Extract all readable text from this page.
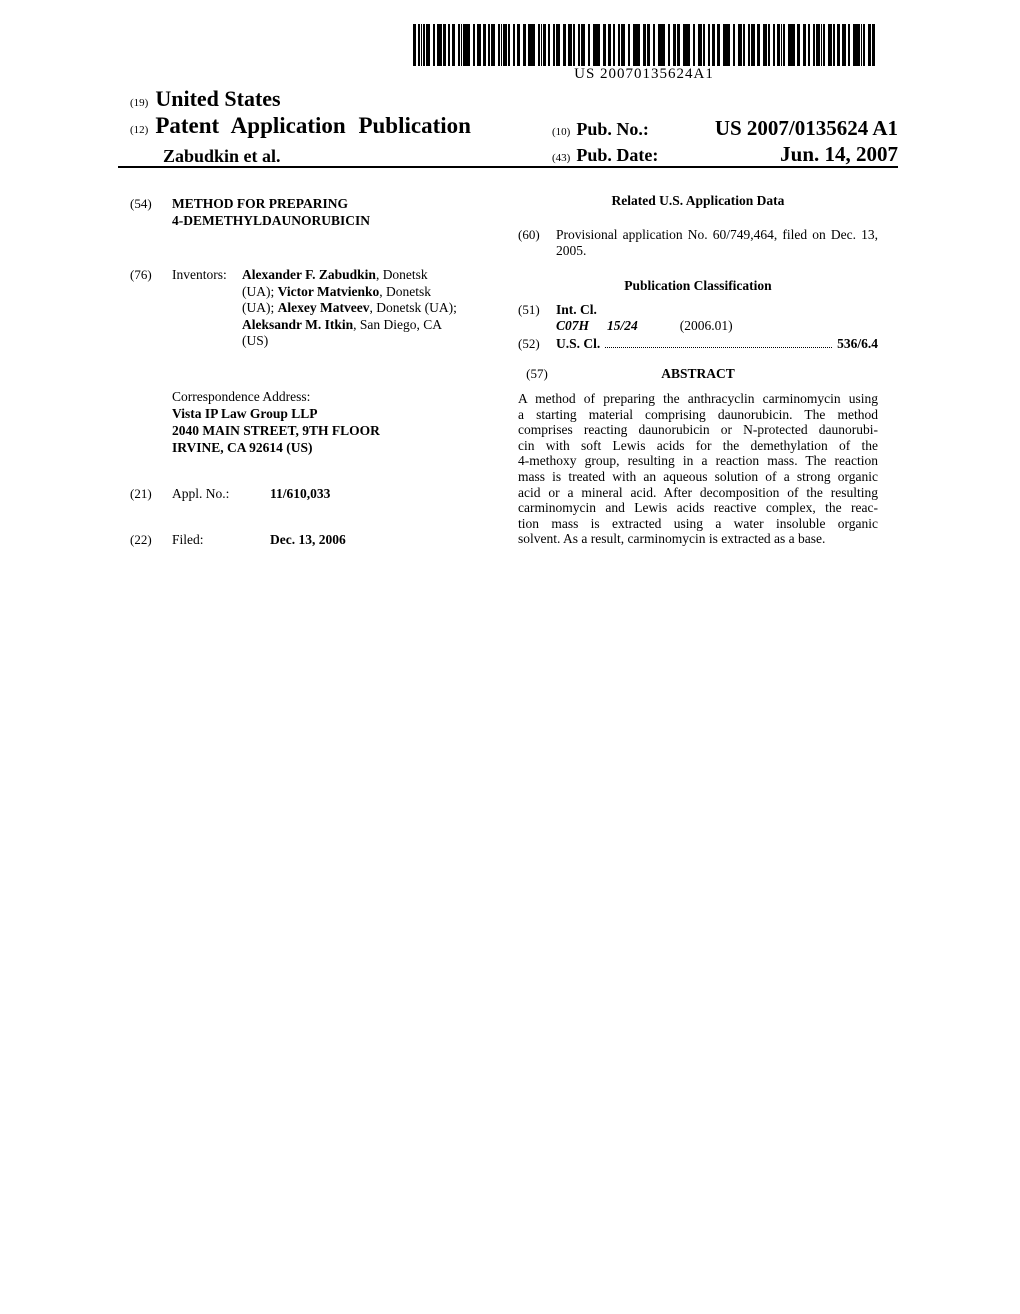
US 20070135624A1
(19) United States
(12) Patent Application Publication
Zabudkin et al.
(10) Pub. No.:	US 2007/0135624 A1
(43) Pub. Date:	Jun. 14, 2007
(54)	METHOD FOR PREPARING
4-DEMETHYLDAUNORUBICIN
(76)	Inventors:	Alexander F. Zabudkin, Donetsk
(UA); Victor Matvienko, Donetsk
(UA); Alexey Matveev, Donetsk (UA);
Aleksandr M. Itkin, San Diego, CA
(US)
Correspondence Address:
Vista IP Law Group LLP
2040 MAIN STREET, 9TH FLOOR
IRVINE, CA 92614 (US)
(21)	Appl. No.:	11/610,033
(22)	Filed:	Dec. 13, 2006
Related U.S. Application Data
(60)	Provisional application No. 60/749,464, filed on Dec. 13, 2005.
Publication Classification
(51)	Int. Cl.
C07H 15/24	(2006.01)
(52)	U.S. Cl.	536/6.4
(57)	ABSTRACT
A method of preparing the anthracyclin carminomycin using
a starting material comprising daunorubicin. The method
comprises reacting daunorubicin or N-protected daunorubi-
cin with soft Lewis acids for the demethylation of the
4-methoxy group, resulting in a reaction mass. The reaction
mass is treated with an aqueous solution of a strong organic
acid or a mineral acid. After decomposition of the resulting
carminomycin and Lewis acids reactive complex, the reac-
tion mass is extracted using a water insoluble organic
solvent. As a result, carminomycin is extracted as a base.
